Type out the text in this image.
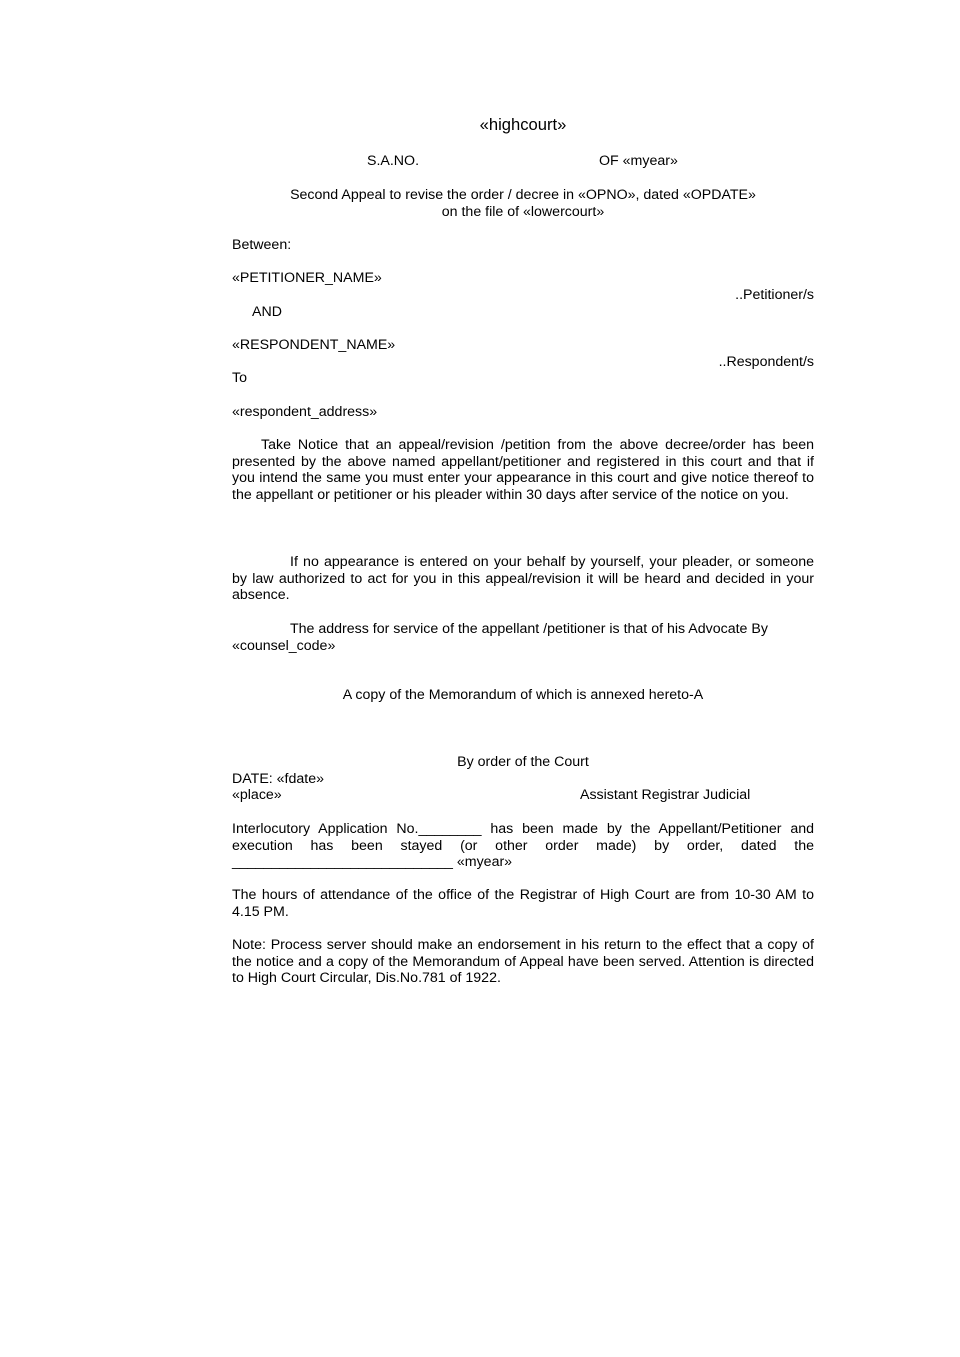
«highcourt»
S.A.NO.	OF «myear»
Second Appeal to revise the order / decree in «OPNO», dated «OPDATE»
on the file of «lowercourt»
Between:
«PETITIONER_NAME»
..Petitioner/s
AND
«RESPONDENT_NAME»
..Respondent/s
To
«respondent_address»
Take Notice that an appeal/revision /petition from the above decree/order has been presented by the above named appellant/petitioner and registered in this court and that if you intend the same you must enter your appearance in this court and give notice thereof to the appellant or petitioner or his pleader within 30 days after service of the notice on you.
If no appearance is entered on your behalf by yourself, your pleader, or someone by law authorized to act for you in this appeal/revision it will be heard and decided in your absence.
The address for service of the appellant /petitioner is that of his Advocate By «counsel_code»
A copy of the Memorandum of which is annexed hereto-A
By order of the Court
DATE: «fdate»
«place»	Assistant Registrar Judicial
Interlocutory Application No.________ has been made by the Appellant/Petitioner and execution has been stayed (or other order made) by order, dated the ____________________________ «myear»
The hours of attendance of the office of the Registrar of High Court are from 10-30 AM to 4.15 PM.
Note: Process server should make an endorsement in his return to the effect that a copy of the notice and a copy of the Memorandum of Appeal have been served. Attention is directed to High Court Circular, Dis.No.781 of 1922.
